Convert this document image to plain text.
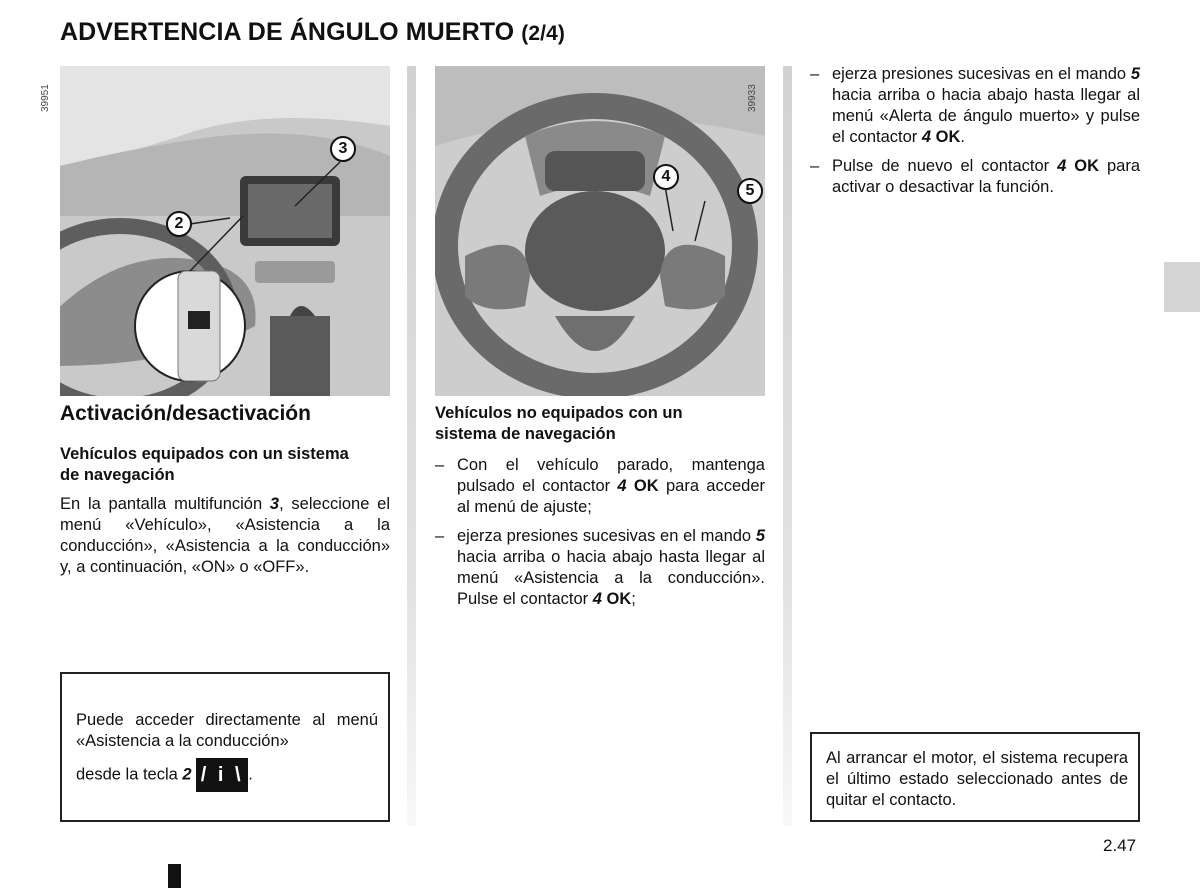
ADVERTENCIA DE ÁNGULO MUERTO (2/4)
3
2
39951
Activación/desactivación
Vehículos equipados con un sistema de navegación
En la pantalla multifunción 3, seleccione el menú «Vehículo», «Asistencia a la conducción», «Asistencia a la conducción» y, a continuación, «ON» o «OFF».
Puede acceder directamente al menú «Asistencia a la conducción»
desde la tecla 2 / i \ .
4
5
39933
Vehículos no equipados con un sistema de navegación
– Con el vehículo parado, mantenga pulsado el contactor 4 OK para acceder al menú de ajuste;
– ejerza presiones sucesivas en el mando 5 hacia arriba o hacia abajo hasta llegar al menú «Asistencia a la conducción». Pulse el contactor 4 OK;
– ejerza presiones sucesivas en el mando 5 hacia arriba o hacia abajo hasta llegar al menú «Alerta de ángulo muerto» y pulse el contactor 4 OK.
– Pulse de nuevo el contactor 4 OK para activar o desactivar la función.
Al arrancar el motor, el sistema recupera el último estado seleccionado antes de quitar el contacto.
2.47
